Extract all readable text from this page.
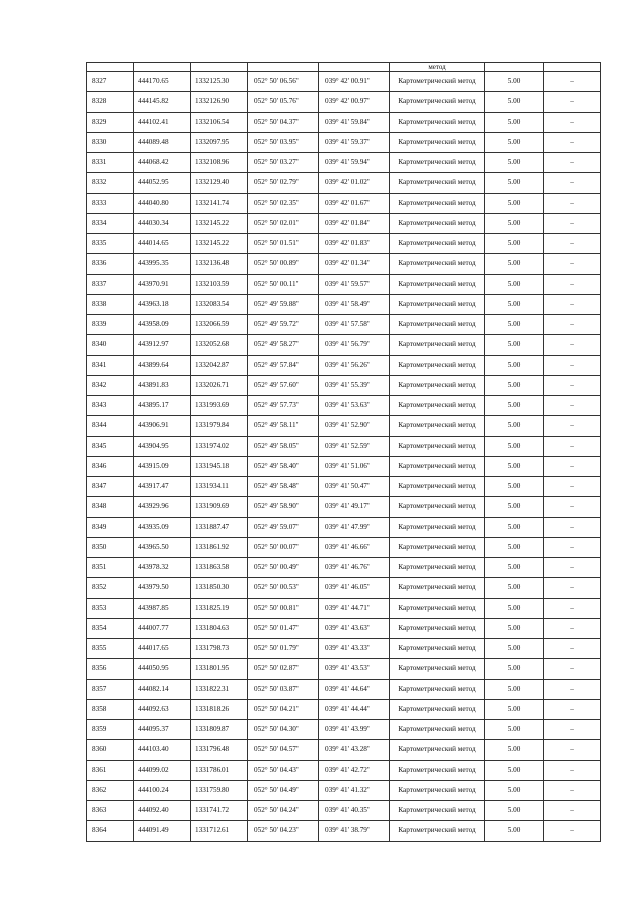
					метод		
8327	444170.65	1332125.30	052° 50' 06.56"	039° 42' 00.91"	Картометрический метод	5.00	–
8328	444145.82	1332126.90	052° 50' 05.76"	039° 42' 00.97"	Картометрический метод	5.00	–
8329	444102.41	1332106.54	052° 50' 04.37"	039° 41' 59.84"	Картометрический метод	5.00	–
8330	444089.48	1332097.95	052° 50' 03.95"	039° 41' 59.37"	Картометрический метод	5.00	–
8331	444068.42	1332108.96	052° 50' 03.27"	039° 41' 59.94"	Картометрический метод	5.00	–
8332	444052.95	1332129.40	052° 50' 02.79"	039° 42' 01.02"	Картометрический метод	5.00	–
8333	444040.80	1332141.74	052° 50' 02.35"	039° 42' 01.67"	Картометрический метод	5.00	–
8334	444030.34	1332145.22	052° 50' 02.01"	039° 42' 01.84"	Картометрический метод	5.00	–
8335	444014.65	1332145.22	052° 50' 01.51"	039° 42' 01.83"	Картометрический метод	5.00	–
8336	443995.35	1332136.48	052° 50' 00.89"	039° 42' 01.34"	Картометрический метод	5.00	–
8337	443970.91	1332103.59	052° 50' 00.11"	039° 41' 59.57"	Картометрический метод	5.00	–
8338	443963.18	1332083.54	052° 49' 59.88"	039° 41' 58.49"	Картометрический метод	5.00	–
8339	443958.09	1332066.59	052° 49' 59.72"	039° 41' 57.58"	Картометрический метод	5.00	–
8340	443912.97	1332052.68	052° 49' 58.27"	039° 41' 56.79"	Картометрический метод	5.00	–
8341	443899.64	1332042.87	052° 49' 57.84"	039° 41' 56.26"	Картометрический метод	5.00	–
8342	443891.83	1332026.71	052° 49' 57.60"	039° 41' 55.39"	Картометрический метод	5.00	–
8343	443895.17	1331993.69	052° 49' 57.73"	039° 41' 53.63"	Картометрический метод	5.00	–
8344	443906.91	1331979.84	052° 49' 58.11"	039° 41' 52.90"	Картометрический метод	5.00	–
8345	443904.95	1331974.02	052° 49' 58.05"	039° 41' 52.59"	Картометрический метод	5.00	–
8346	443915.09	1331945.18	052° 49' 58.40"	039° 41' 51.06"	Картометрический метод	5.00	–
8347	443917.47	1331934.11	052° 49' 58.48"	039° 41' 50.47"	Картометрический метод	5.00	–
8348	443929.96	1331909.69	052° 49' 58.90"	039° 41' 49.17"	Картометрический метод	5.00	–
8349	443935.09	1331887.47	052° 49' 59.07"	039° 41' 47.99"	Картометрический метод	5.00	–
8350	443965.50	1331861.92	052° 50' 00.07"	039° 41' 46.66"	Картометрический метод	5.00	–
8351	443978.32	1331863.58	052° 50' 00.49"	039° 41' 46.76"	Картометрический метод	5.00	–
8352	443979.50	1331850.30	052° 50' 00.53"	039° 41' 46.05"	Картометрический метод	5.00	–
8353	443987.85	1331825.19	052° 50' 00.81"	039° 41' 44.71"	Картометрический метод	5.00	–
8354	444007.77	1331804.63	052° 50' 01.47"	039° 41' 43.63"	Картометрический метод	5.00	–
8355	444017.65	1331798.73	052° 50' 01.79"	039° 41' 43.33"	Картометрический метод	5.00	–
8356	444050.95	1331801.95	052° 50' 02.87"	039° 41' 43.53"	Картометрический метод	5.00	–
8357	444082.14	1331822.31	052° 50' 03.87"	039° 41' 44.64"	Картометрический метод	5.00	–
8358	444092.63	1331818.26	052° 50' 04.21"	039° 41' 44.44"	Картометрический метод	5.00	–
8359	444095.37	1331809.87	052° 50' 04.30"	039° 41' 43.99"	Картометрический метод	5.00	–
8360	444103.40	1331796.48	052° 50' 04.57"	039° 41' 43.28"	Картометрический метод	5.00	–
8361	444099.02	1331786.01	052° 50' 04.43"	039° 41' 42.72"	Картометрический метод	5.00	–
8362	444100.24	1331759.80	052° 50' 04.49"	039° 41' 41.32"	Картометрический метод	5.00	–
8363	444092.40	1331741.72	052° 50' 04.24"	039° 41' 40.35"	Картометрический метод	5.00	–
8364	444091.49	1331712.61	052° 50' 04.23"	039° 41' 38.79"	Картометрический метод	5.00	–
